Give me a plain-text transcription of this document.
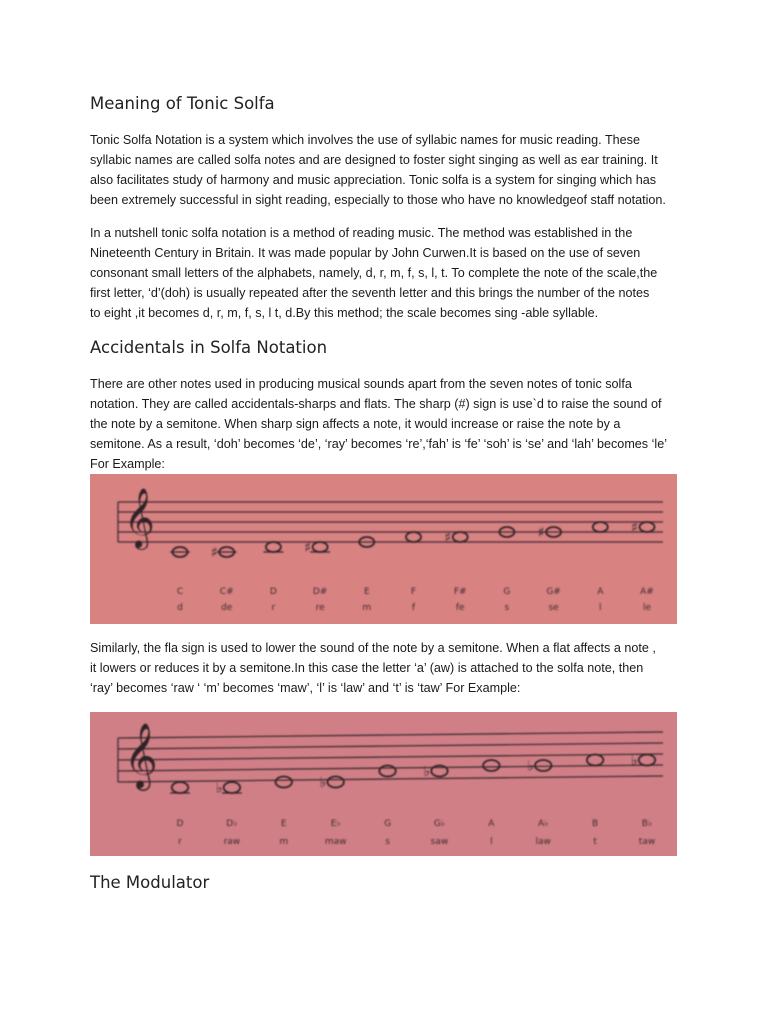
Meaning of Tonic Solfa
Tonic Solfa Notation is a system which involves the use of syllabic names for music reading. These
syllabic names are called solfa notes and are designed to foster sight singing as well as ear training. It
also facilitates study of harmony and music appreciation. Tonic solfa is a system for singing which has
been extremely successful in sight reading, especially to those who have no knowledgeof staff notation.
In a nutshell tonic solfa notation is a method of reading music. The method was established in the
Nineteenth Century in Britain. It was made popular by John Curwen.It is based on the use of seven
consonant small letters of the alphabets, namely, d, r, m, f, s, l, t. To complete the note of the scale,the
first letter, ‘d’(doh) is usually repeated after the seventh letter and this brings the number of the notes
to eight ,it becomes d, r, m, f, s, l t, d.By this method; the scale becomes sing -able syllable.
Accidentals in Solfa Notation
There are other notes used in producing musical sounds apart from the seven notes of tonic solfa
notation. They are called accidentals-sharps and flats. The sharp (#) sign is use`d to raise the sound of
the note by a semitone. When sharp sign affects a note, it would increase or raise the note by a
semitone. As a result, ‘doh’ becomes ‘de’, ‘ray’ becomes ‘re’,‘fah’ is ‘fe’ ‘soh’ is ‘se’ and ‘lah’ becomes ‘le’
For Example:
𝄞
C
d
♯
C#
de
D
r
♯
D#
re
E
m
F
f
♯
F#
fe
G
s
♯
G#
se
A
l
♯
A#
le
Similarly, the fla sign is used to lower the sound of the note by a semitone. When a flat affects a note ,
it lowers or reduces it by a semitone.In this case the letter ‘a’ (aw) is attached to the solfa note, then
‘ray’ becomes ‘raw ‘ ‘m’ becomes ‘maw’, ‘l’ is ‘law’ and ‘t’ is ‘taw’ For Example:
𝄞
D
r
♭
D♭
raw
E
m
♭
E♭
maw
G
s
♭
G♭
saw
A
l
♭
A♭
law
B
t
♭
B♭
taw
The Modulator
